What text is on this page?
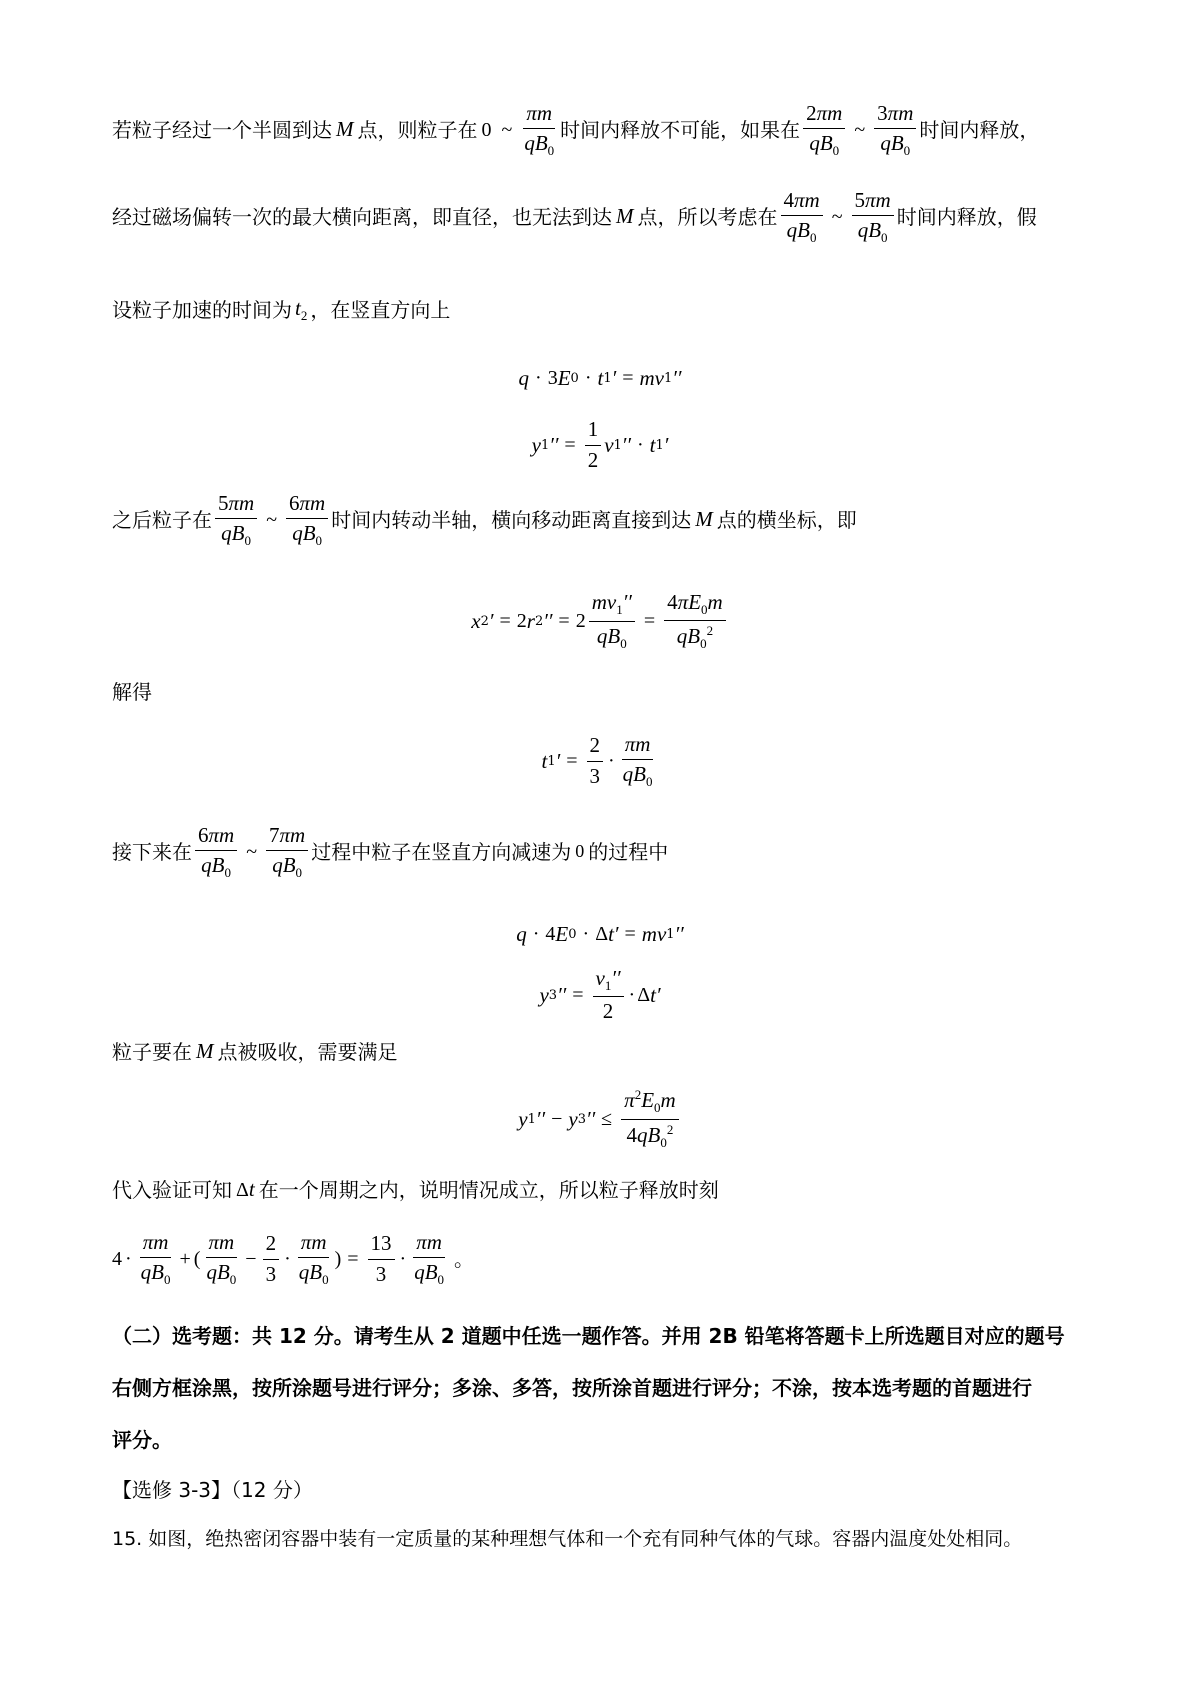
若粒子经过一个半圆到达 M 点，则粒子在 0 ~ $\frac{\pi m}{qB_0}$ 时间内释放不可能，如果在 $\frac{2\pi m}{qB_0}$ ~ $\frac{3\pi m}{qB_0}$ 时间内释放，
经过磁场偏转一次的最大横向距离，即直径，也无法到达 M 点，所以考虑在 $\frac{4\pi m}{qB_0}$ ~ $\frac{5\pi m}{qB_0}$ 时间内释放，假
设粒子加速的时间为 $t_2$ ，在竖直方向上
q · 3 E 0 · t 1 ′ = mv 1 ′′
y 1 ′′ = $\frac{1}{2}$ v 1 ′′ · t 1 ′
之后粒子在 $\frac{5\pi m}{qB_0}$ ~ $\frac{6\pi m}{qB_0}$ 时间内转动半轴，横向移动距离直接到达 M 点的横坐标，即
x 2 ′ = 2 r 2 ′′ = $2 \frac{mv_1''}{qB_0} = \frac{4\pi E_0m}{qB_0^2}$
解得
t 1 ′ = $\frac{2}{3} \cdot \frac{\pi m}{qB_0}$
接下来在 $\frac{6\pi m}{qB_0}$ ~ $\frac{7\pi m}{qB_0}$ 过程中粒子在竖直方向减速为 0 的过程中
q · 4 E 0 · Δ t ′ = mv 1 ′′
y 3 ′′ = $\frac{v_1''}{2} \cdot \Delta$ t ′
粒子要在 M 点被吸收，需要满足
y 1 ′′ − y 3 ′′ ≤ $\frac{\pi^2E_0m}{4qB_0^2}$
代入验证可知 Δ t 在一个周期之内，说明情况成立，所以粒子释放时刻
$4 \cdot \frac{\pi m}{qB_0}$ + ( $\frac{\pi m}{qB_0} - \frac{2}{3} \cdot \frac{\pi m}{qB_0}$ ) = $\frac{13}{3} \cdot \frac{\pi m}{qB_0}$ 。
（二）选考题：共 12 分。请考生从 2 道题中任选一题作答。并用 2B 铅笔将答题卡上所选题目对应的题号
右侧方框涂黑，按所涂题号进行评分；多涂、多答，按所涂首题进行评分；不涂，按本选考题的首题进行
评分。
【选修 3-3】（12 分）
15. 如图，绝热密闭容器中装有一定质量的某种理想气体和一个充有同种气体的气球。容器内温度处处相同。
